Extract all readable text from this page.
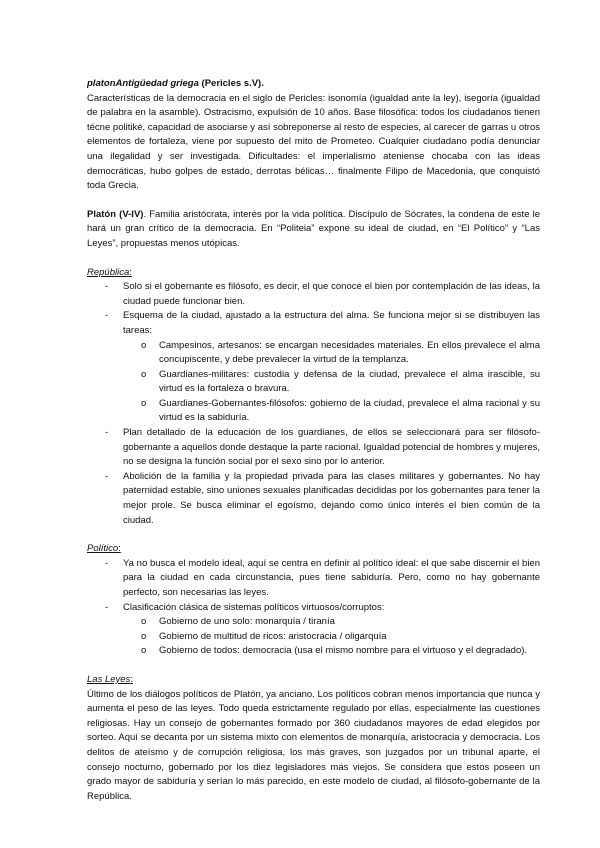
platonAntigüedad griega (Pericles s.V).
Características de la democracia en el siglo de Pericles: isonomía (igualdad ante la ley), isegoría (igualdad de palabra en la asamble). Ostracismo, expulsión de 10 años. Base filosófica: todos los ciudadanos tienen técne politiké, capacidad de asociarse y así sobreponerse al resto de especies, al carecer de garras u otros elementos de fortaleza, viene por supuesto del mito de Prometeo. Cualquier ciudadano podía denunciar una ilegalidad y ser investigada. Dificultades: el imperialismo ateniense chocaba con las ideas democráticas, hubo golpes de estado, derrotas bélicas… finalmente Filipo de Macedonia, que conquistó toda Grecia.

Platón (V-IV). Familia aristócrata, interés por la vida política. Discípulo de Sócrates, la condena de este le hará un gran crítico de la democracia. En “Politeia” expone su ideal de ciudad, en “El Político” y “Las Leyes”, propuestas menos utópicas.

República:

- Solo si el gobernante es filósofo, es decir, el que conoce el bien por contemplación de las ideas, la ciudad puede funcionar bien.
- Esquema de la ciudad, ajustado a la estructura del alma. Se funciona mejor si se distribuyen las tareas:
o Campesinos, artesanos: se encargan necesidades materiales. En ellos prevalece el alma concupiscente, y debe prevalecer la virtud de la templanza.
o Guardianes-militares: custodia y defensa de la ciudad, prevalece el alma irascible, su virtud es la fortaleza o bravura.
o Guardianes-Gobernantes-filósofos: gobierno de la ciudad, prevalece el alma racional y su virtud es la sabiduría.
- Plan detallado de la educación de los guardianes, de ellos se seleccionará para ser filósofo-gobernante a aquellos donde destaque la parte racional. Igualdad potencial de hombres y mujeres, no se designa la función social por el sexo sino por lo anterior.
- Abolición de la familia y la propiedad privada para las clases militares y gobernantes. No hay paternidad estable, sino uniones sexuales planificadas decididas por los gobernantes para tener la mejor prole. Se busca eliminar el egoísmo, dejando como único interés el bien común de la ciudad.

Político:

- Ya no busca el modelo ideal, aquí se centra en definir al político ideal: el que sabe discernir el bien para la ciudad en cada circunstancia, pues tiene sabiduría. Pero, como no hay gobernante perfecto, son necesarias las leyes.
- Clasificación clásica de sistemas políticos virtuosos/corruptos:
o Gobierno de uno solo: monarquía / tiranía
o Gobierno de multitud de ricos: aristocracia / oligarquía
o Gobierno de todos: democracia (usa el mismo nombre para el virtuoso y el degradado).

Las Leyes:

Último de los diálogos políticos de Platón, ya anciano. Los políticos cobran menos importancia que nunca y aumenta el peso de las leyes. Todo queda estrictamente regulado por ellas, especialmente las cuestiones religiosas. Hay un consejo de gobernantes formado por 360 ciudadanos mayores de edad elegidos por sorteo. Aquí se decanta por un sistema mixto con elementos de monarquía, aristocracia y democracia. Los delitos de ateísmo y de corrupción religiosa, los más graves, son juzgados por un tribunal aparte, el consejo nocturno, gobernado por los diez legisladores más viejos. Se considera que estos poseen un grado mayor de sabiduría y serían lo más parecido, en este modelo de ciudad, al filósofo-gobernante de la República.
